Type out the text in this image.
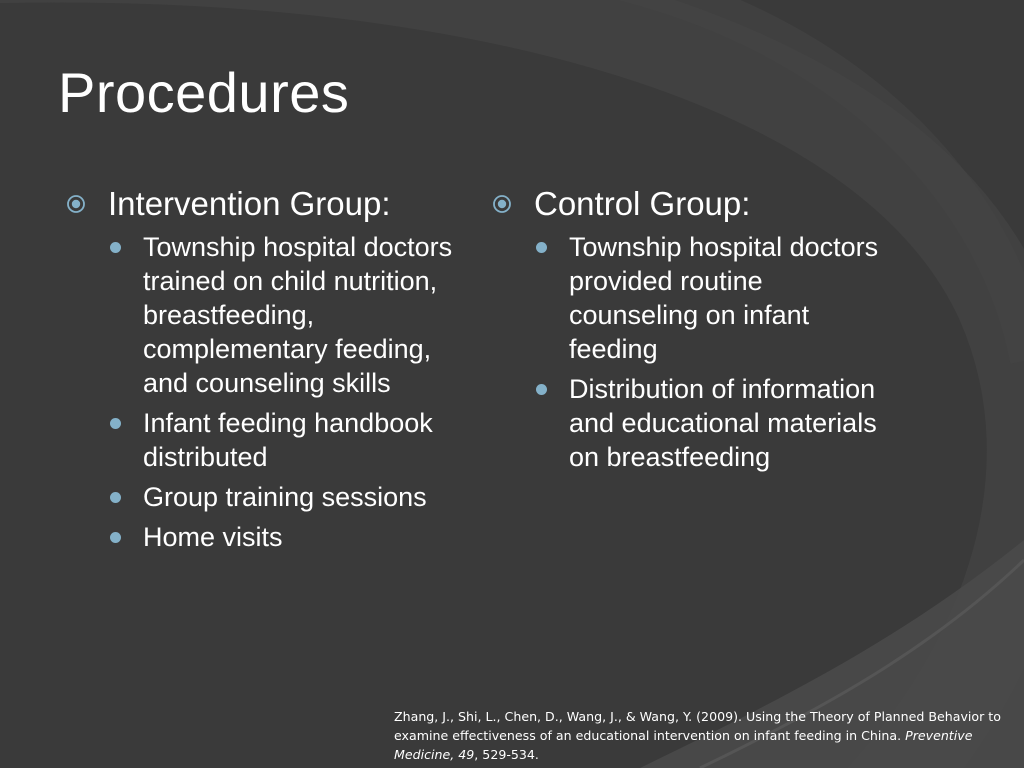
Procedures
Intervention Group:
Township hospital doctors trained on child nutrition, breastfeeding, complementary feeding, and counseling skills
Infant feeding handbook distributed
Group training sessions
Home visits
Control Group:
Township hospital doctors provided routine counseling on infant feeding
Distribution of information and educational materials on breastfeeding
Zhang, J., Shi, L., Chen, D., Wang, J., & Wang, Y. (2009). Using the Theory of Planned Behavior to examine effectiveness of an educational intervention on infant feeding in China. Preventive Medicine, 49, 529-534.
